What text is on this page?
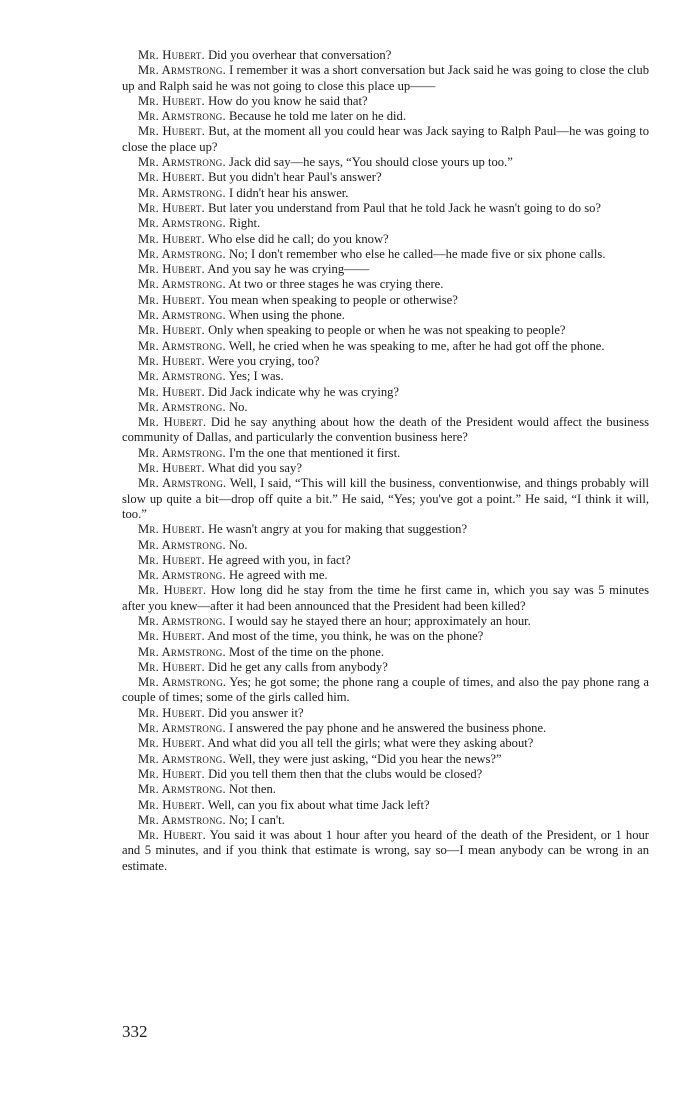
Mr. Hubert. Did you overhear that conversation?

Mr. Armstrong. I remember it was a short conversation but Jack said he was going to close the club up and Ralph said he was not going to close this place up——

Mr. Hubert. How do you know he said that?

Mr. Armstrong. Because he told me later on he did.

Mr. Hubert. But, at the moment all you could hear was Jack saying to Ralph Paul—he was going to close the place up?

Mr. Armstrong. Jack did say—he says, “You should close yours up too.”

Mr. Hubert. But you didn't hear Paul's answer?

Mr. Armstrong. I didn't hear his answer.

Mr. Hubert. But later you understand from Paul that he told Jack he wasn't going to do so?

Mr. Armstrong. Right.

Mr. Hubert. Who else did he call; do you know?

Mr. Armstrong. No; I don't remember who else he called—he made five or six phone calls.

Mr. Hubert. And you say he was crying——

Mr. Armstrong. At two or three stages he was crying there.

Mr. Hubert. You mean when speaking to people or otherwise?

Mr. Armstrong. When using the phone.

Mr. Hubert. Only when speaking to people or when he was not speaking to people?

Mr. Armstrong. Well, he cried when he was speaking to me, after he had got off the phone.

Mr. Hubert. Were you crying, too?

Mr. Armstrong. Yes; I was.

Mr. Hubert. Did Jack indicate why he was crying?

Mr. Armstrong. No.

Mr. Hubert. Did he say anything about how the death of the President would affect the business community of Dallas, and particularly the convention business here?

Mr. Armstrong. I'm the one that mentioned it first.

Mr. Hubert. What did you say?

Mr. Armstrong. Well, I said, “This will kill the business, conventionwise, and things probably will slow up quite a bit—drop off quite a bit.” He said, “Yes; you've got a point.” He said, “I think it will, too.”

Mr. Hubert. He wasn't angry at you for making that suggestion?

Mr. Armstrong. No.

Mr. Hubert. He agreed with you, in fact?

Mr. Armstrong. He agreed with me.

Mr. Hubert. How long did he stay from the time he first came in, which you say was 5 minutes after you knew—after it had been announced that the President had been killed?

Mr. Armstrong. I would say he stayed there an hour; approximately an hour.

Mr. Hubert. And most of the time, you think, he was on the phone?

Mr. Armstrong. Most of the time on the phone.

Mr. Hubert. Did he get any calls from anybody?

Mr. Armstrong. Yes; he got some; the phone rang a couple of times, and also the pay phone rang a couple of times; some of the girls called him.

Mr. Hubert. Did you answer it?

Mr. Armstrong. I answered the pay phone and he answered the business phone.

Mr. Hubert. And what did you all tell the girls; what were they asking about?

Mr. Armstrong. Well, they were just asking, “Did you hear the news?”

Mr. Hubert. Did you tell them then that the clubs would be closed?

Mr. Armstrong. Not then.

Mr. Hubert. Well, can you fix about what time Jack left?

Mr. Armstrong. No; I can't.

Mr. Hubert. You said it was about 1 hour after you heard of the death of the President, or 1 hour and 5 minutes, and if you think that estimate is wrong, say so—I mean anybody can be wrong in an estimate.

332
